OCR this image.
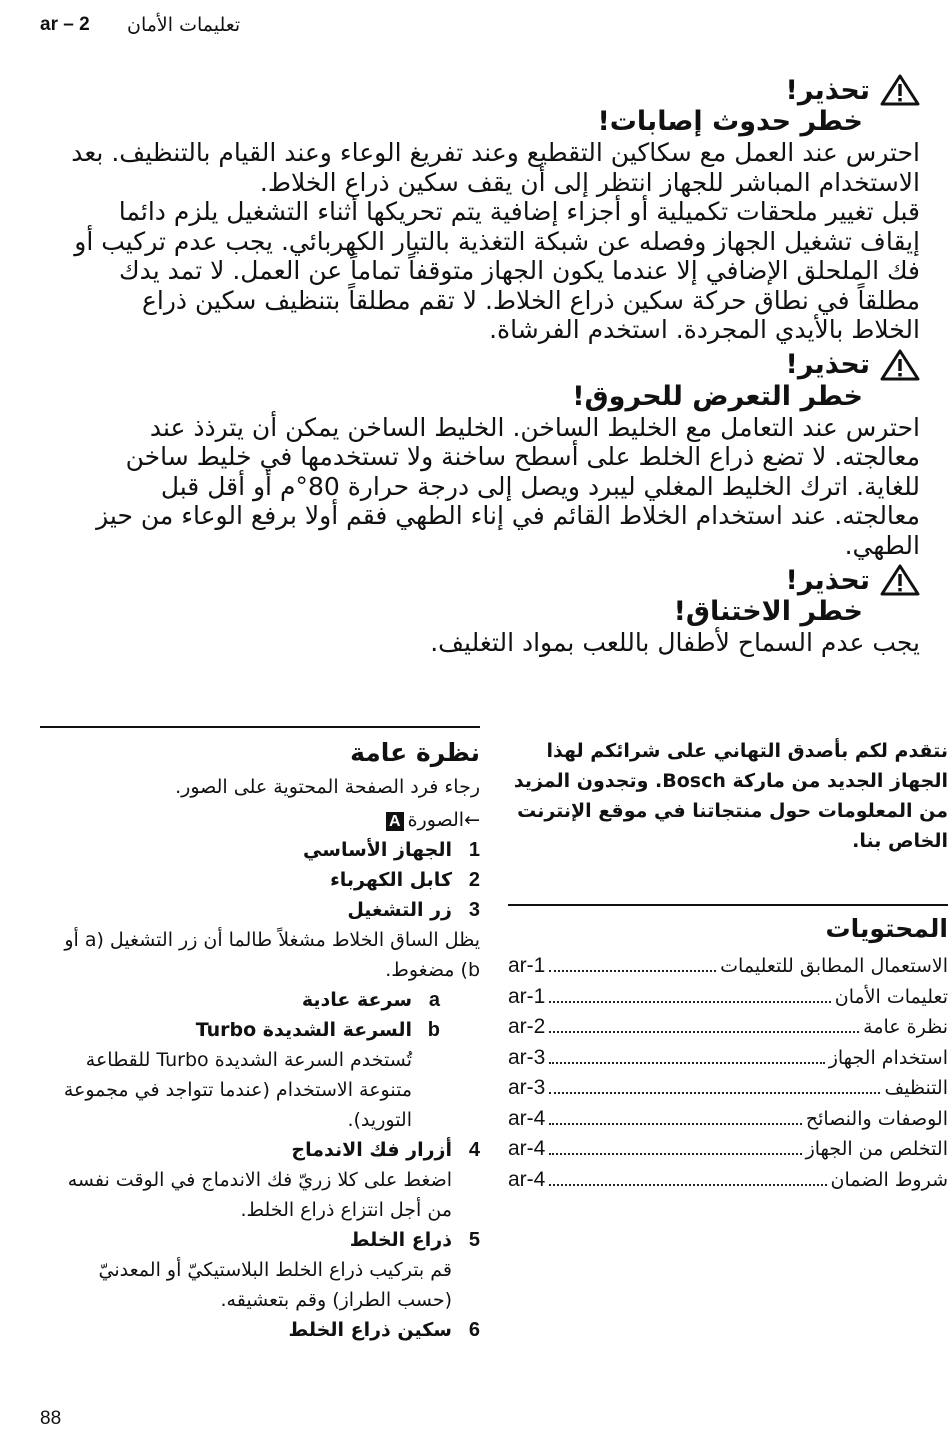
ar – 2 تعليمات الأمان
تحذير!
خطر حدوث إصابات!
احترس عند العمل مع سكاكين التقطيع وعند تفريغ الوعاء وعند القيام بالتنظيف. بعد الاستخدام المباشر للجهاز انتظر إلى أن يقف سكين ذراع الخلاط.
قبل تغيير ملحقات تكميلية أو أجزاء إضافية يتم تحريكها أثناء التشغيل يلزم دائما إيقاف تشغيل الجهاز وفصله عن شبكة التغذية بالتيار الكهربائي. يجب عدم تركيب أو فك الملحلق الإضافي إلا عندما يكون الجهاز متوقفاً تماماً عن العمل. لا تمد يدك مطلقاً في نطاق حركة سكين ذراع الخلاط. لا تقم مطلقاً بتنظيف سكين ذراع الخلاط بالأيدي المجردة. استخدم الفرشاة.
تحذير!
خطر التعرض للحروق!
احترس عند التعامل مع الخليط الساخن. الخليط الساخن يمكن أن يترذذ عند معالجته. لا تضع ذراع الخلط على أسطح ساخنة ولا تستخدمها في خليط ساخن للغاية. اترك الخليط المغلي ليبرد ويصل إلى درجة حرارة 80°م أو أقل قبل معالجته. عند استخدام الخلاط القائم في إناء الطهي فقم أولا برفع الوعاء من حيز الطهي.
تحذير!
خطر الاختناق!
يجب عدم السماح لأطفال باللعب بمواد التغليف.
نظرة عامة
رجاء فرد الصفحة المحتوية على الصور.
←الصورةA
1
الجهاز الأساسي
2
كابل الكهرباء
3
زر التشغيل
يظل الساق الخلاط مشغلاً طالما أن زر التشغيل (a أو b) مضغوط.
a
سرعة عادية
b
السرعة الشديدة Turbo
تُستخدم السرعة الشديدة Turbo للقطاعة متنوعة الاستخدام (عندما تتواجد في مجموعة التوريد).
4
أزرار فك الاندماج
اضغط على كلا زريّ فك الاندماج في الوقت نفسه من أجل انتزاع ذراع الخلط.
5
ذراع الخلط
قم بتركيب ذراع الخلط البلاستيكيّ أو المعدنيّ (حسب الطراز) وقم بتعشيقه.
6
سكين ذراع الخلط
نتقدم لكم بأصدق التهاني على شرائكم لهذا الجهاز الجديد من ماركة Bosch. وتجدون المزيد من المعلومات حول منتجاتنا في موقع الإنترنت الخاص بنا.
المحتويات
ar-1	الاستعمال المطابق للتعليمات
ar-1	تعليمات الأمان
ar-2	نظرة عامة
ar-3	استخدام الجهاز
ar-3	التنظيف
ar-4	الوصفات والنصائح
ar-4	التخلص من الجهاز
ar-4	شروط الضمان
88
